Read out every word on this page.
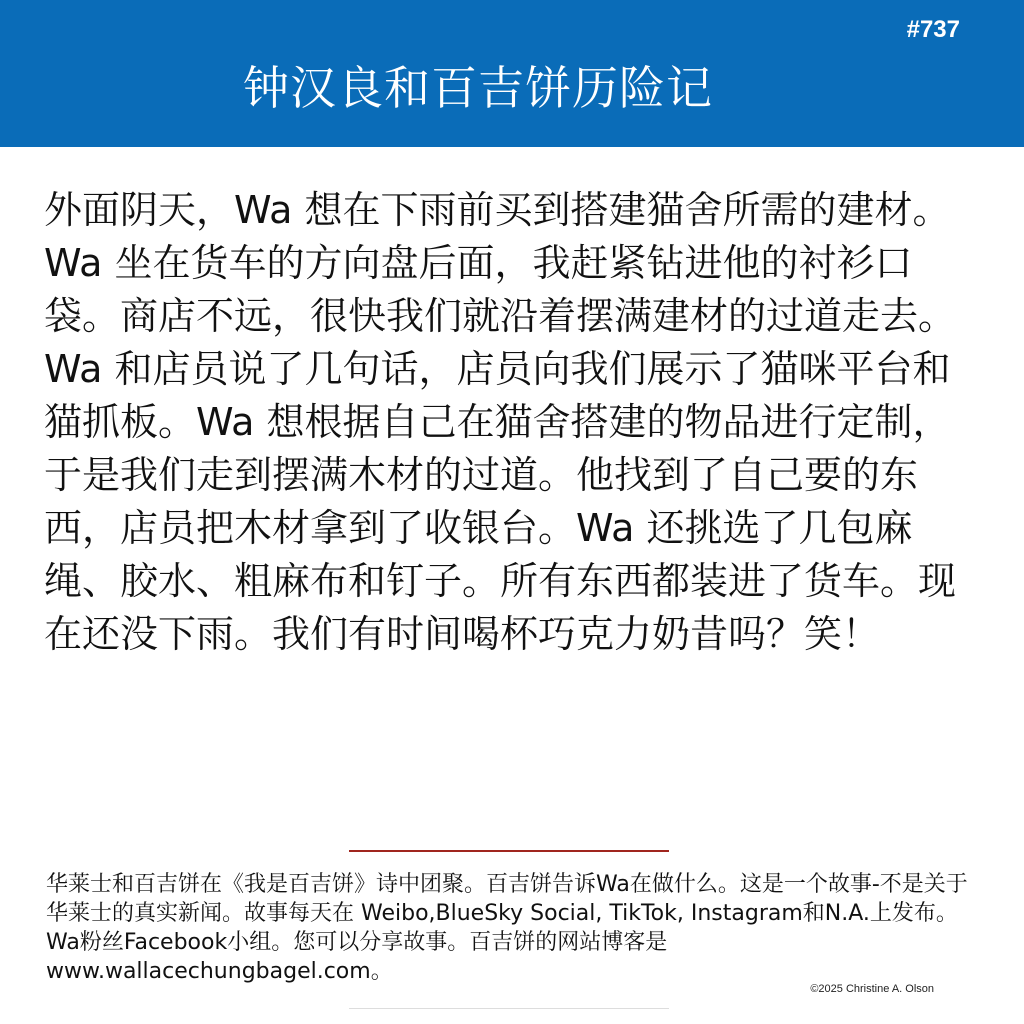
#737
钟汉良和百吉饼历险记

外面阴天，Wa 想在下雨前买到搭建猫舍所需的建材。Wa 坐在货车的方向盘后面，我赶紧钻进他的衬衫口袋。商店不远，很快我们就沿着摆满建材的过道走去。Wa 和店员说了几句话，店员向我们展示了猫咪平台和猫抓板。Wa 想根据自己在猫舍搭建的物品进行定制，于是我们走到摆满木材的过道。他找到了自己要的东西，店员把木材拿到了收银台。Wa 还挑选了几包麻绳、胶水、粗麻布和钉子。所有东西都装进了货车。现在还没下雨。我们有时间喝杯巧克力奶昔吗？笑！

华莱士和百吉饼在《我是百吉饼》诗中团聚。百吉饼告诉Wa在做什么。这是一个故事-不是关于华莱士的真实新闻。故事每天在 Weibo,BlueSky Social, TikTok, Instagram和N.A.上发布。Wa粉丝Facebook小组。您可以分享故事。百吉饼的网站博客是www.wallacechungbagel.com。

©2025 Christine A. Olson
